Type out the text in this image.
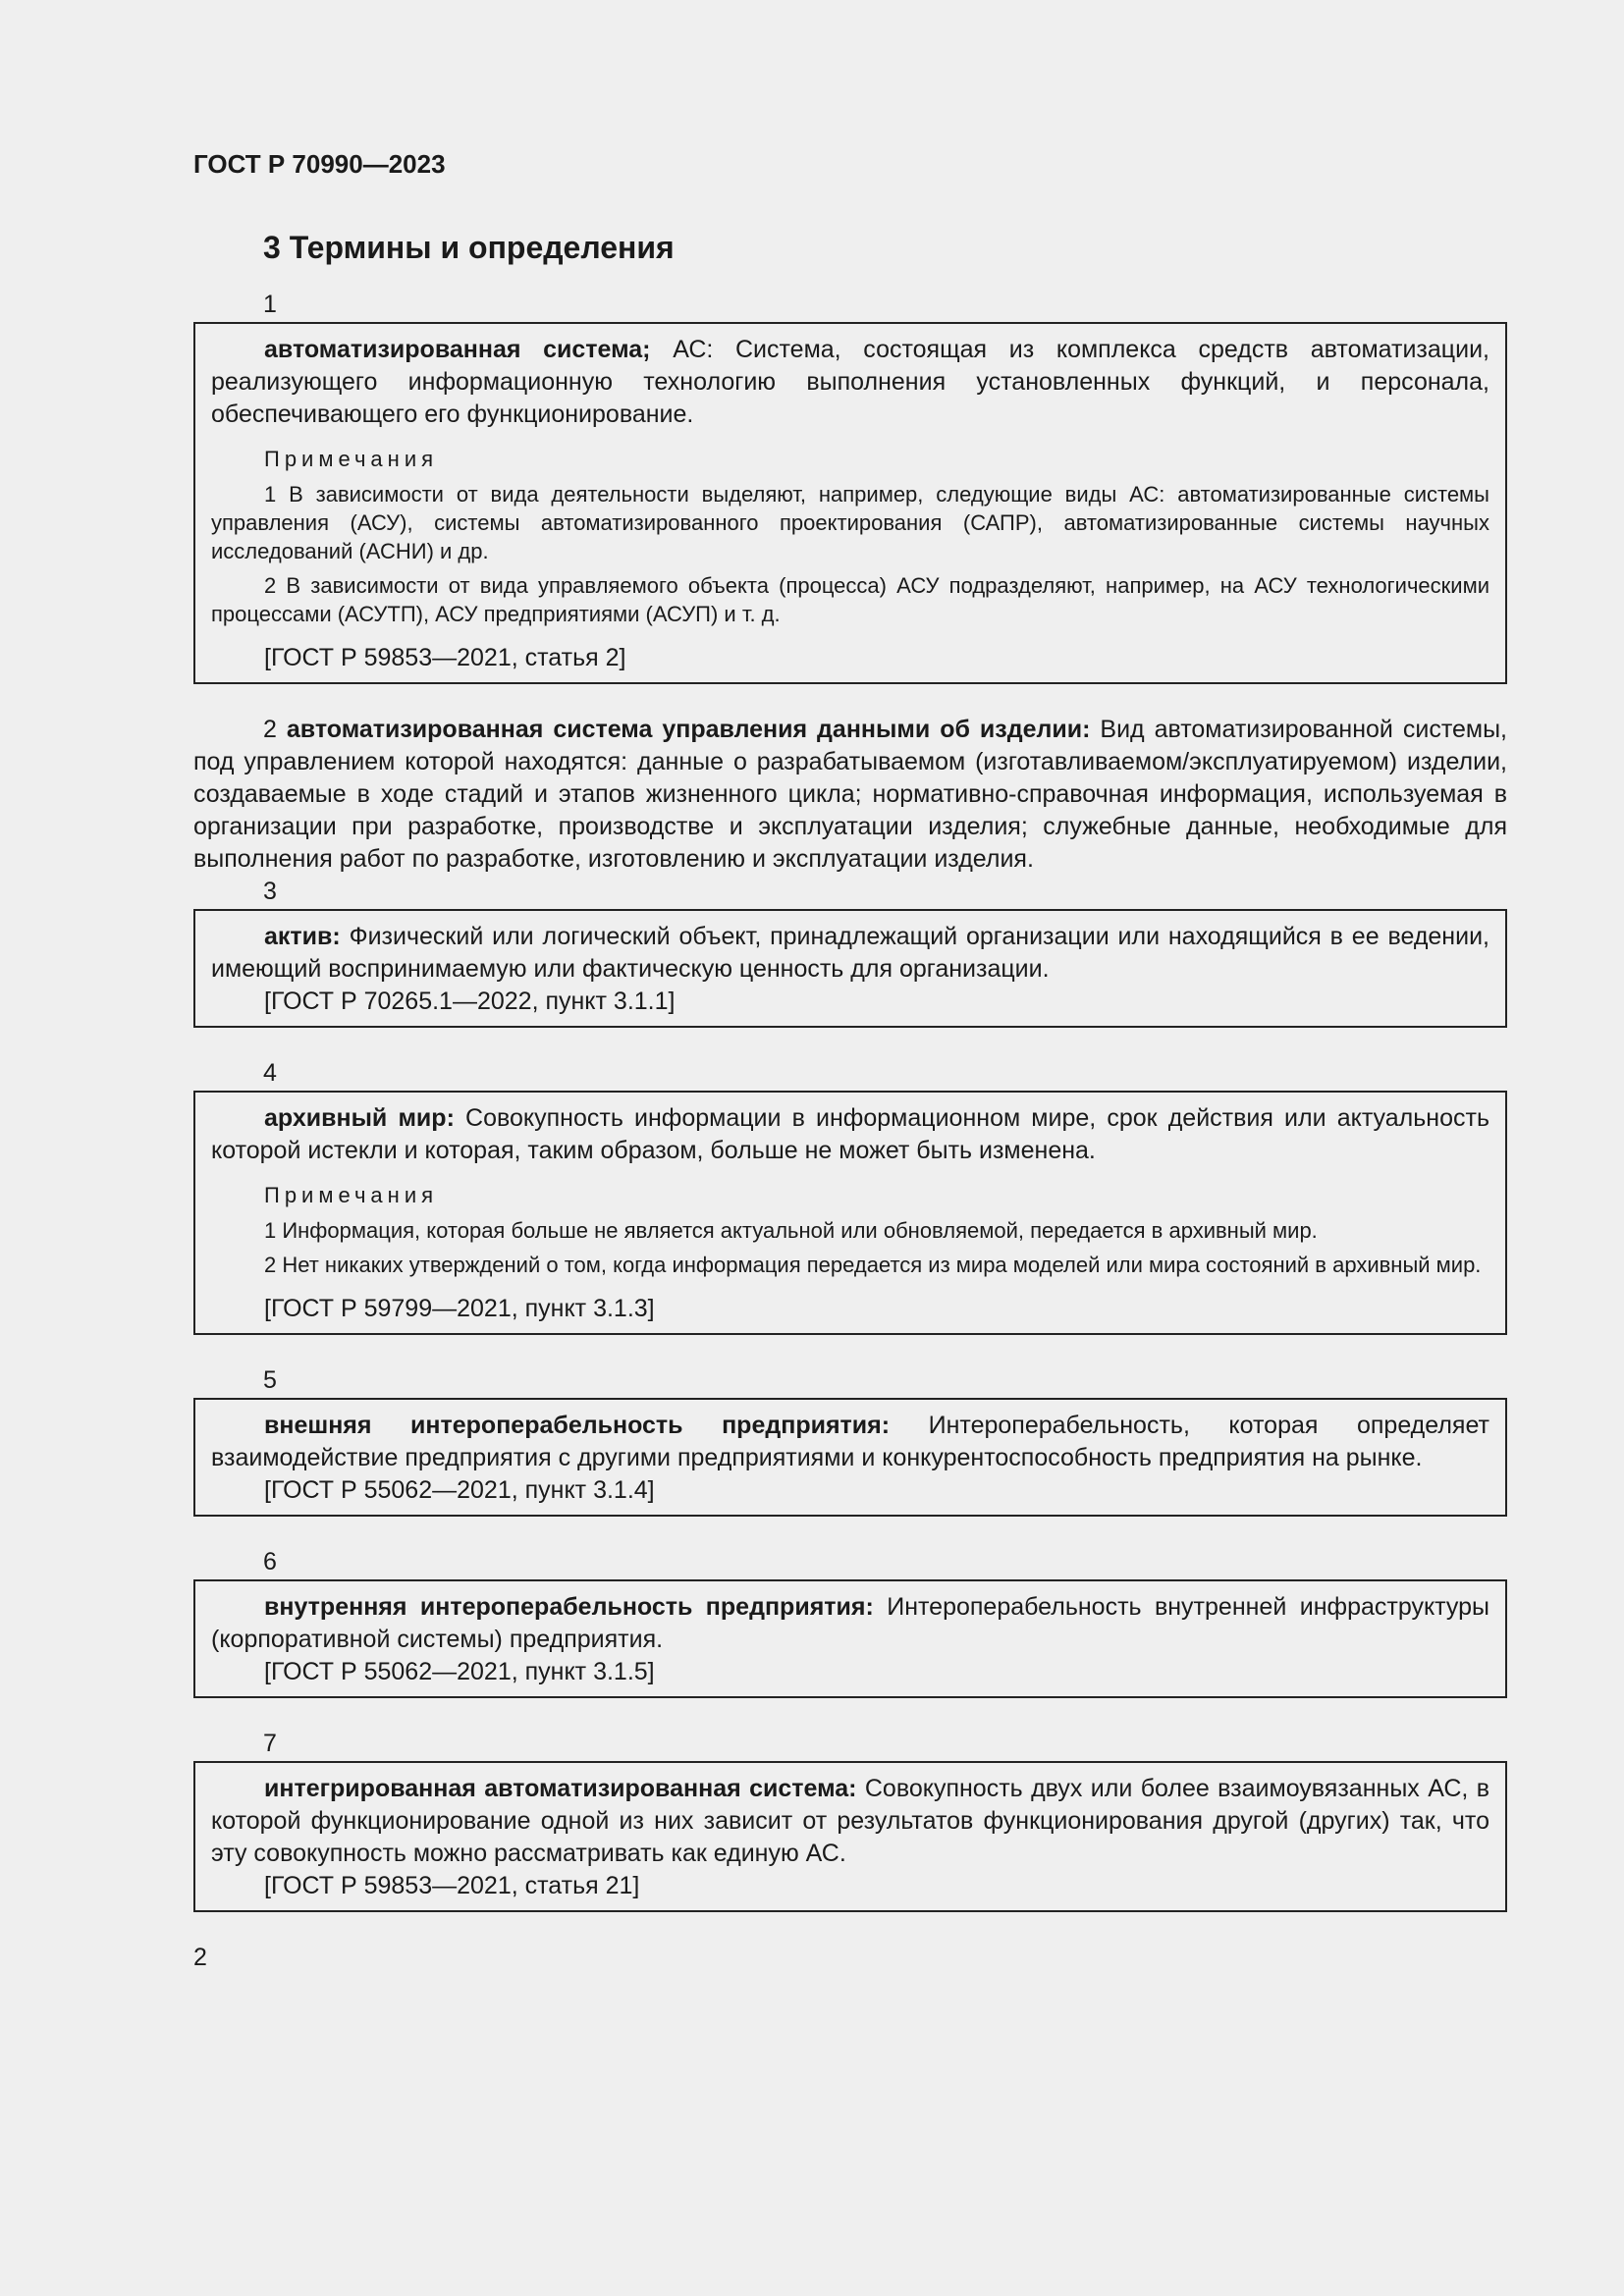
ГОСТ Р 70990—2023

3 Термины и определения

1

автоматизированная система; АС: Система, состоящая из комплекса средств автоматизации, реализующего информационную технологию выполнения установленных функций, и персонала, обеспечивающего его функционирование.

Примечания

1 В зависимости от вида деятельности выделяют, например, следующие виды АС: автоматизированные системы управления (АСУ), системы автоматизированного проектирования (САПР), автоматизированные системы научных исследований (АСНИ) и др.

2 В зависимости от вида управляемого объекта (процесса) АСУ подразделяют, например, на АСУ технологическими процессами (АСУТП), АСУ предприятиями (АСУП) и т. д.

[ГОСТ Р 59853—2021, статья 2]

2 автоматизированная система управления данными об изделии: Вид автоматизированной системы, под управлением которой находятся: данные о разрабатываемом (изготавливаемом/эксплуатируемом) изделии, создаваемые в ходе стадий и этапов жизненного цикла; нормативно-справочная информация, используемая в организации при разработке, производстве и эксплуатации изделия; служебные данные, необходимые для выполнения работ по разработке, изготовлению и эксплуатации изделия.

3

актив: Физический или логический объект, принадлежащий организации или находящийся в ее ведении, имеющий воспринимаемую или фактическую ценность для организации.

[ГОСТ Р 70265.1—2022, пункт 3.1.1]

4

архивный мир: Совокупность информации в информационном мире, срок действия или актуальность которой истекли и которая, таким образом, больше не может быть изменена.

Примечания

1 Информация, которая больше не является актуальной или обновляемой, передается в архивный мир.

2 Нет никаких утверждений о том, когда информация передается из мира моделей или мира состояний в архивный мир.

[ГОСТ Р 59799—2021, пункт 3.1.3]

5

внешняя интероперабельность предприятия: Интероперабельность, которая определяет взаимодействие предприятия с другими предприятиями и конкурентоспособность предприятия на рынке.

[ГОСТ Р 55062—2021, пункт 3.1.4]

6

внутренняя интероперабельность предприятия: Интероперабельность внутренней инфраструктуры (корпоративной системы) предприятия.

[ГОСТ Р 55062—2021, пункт 3.1.5]

7

интегрированная автоматизированная система: Совокупность двух или более взаимоувязанных АС, в которой функционирование одной из них зависит от результатов функционирования другой (других) так, что эту совокупность можно рассматривать как единую АС.

[ГОСТ Р 59853—2021, статья 21]

2
